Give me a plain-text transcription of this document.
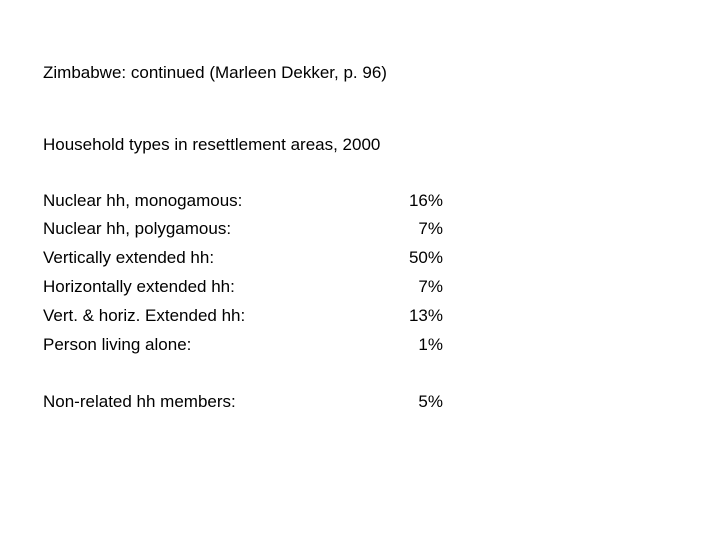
Zimbabwe: continued (Marleen Dekker, p. 96)
Household types in resettlement areas, 2000
Nuclear hh, monogamous:	16%
Nuclear hh, polygamous:	7%
Vertically extended hh:	50%
Horizontally extended hh:	7%
Vert. & horiz. Extended hh:	13%
Person living alone:	1%
Non-related hh members:	5%
